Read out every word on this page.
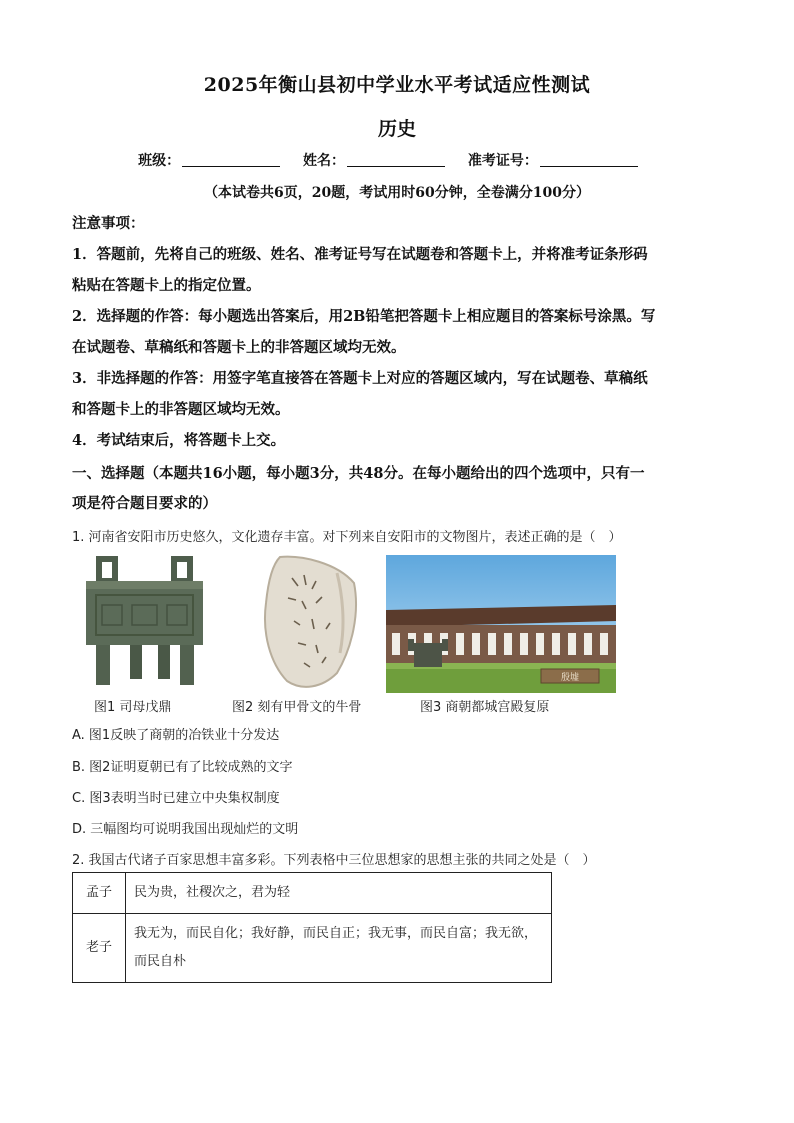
2025年衡山县初中学业水平考试适应性测试
历史
班级：	姓名：	准考证号：
（本试卷共6页，20题，考试用时60分钟，全卷满分100分）
注意事项：
1．答题前，先将自己的班级、姓名、准考证号写在试题卷和答题卡上，并将准考证条形码
粘贴在答题卡上的指定位置。
2．选择题的作答：每小题选出答案后，用2B铅笔把答题卡上相应题目的答案标号涂黑。写
在试题卷、草稿纸和答题卡上的非答题区域均无效。
3．非选择题的作答：用签字笔直接答在答题卡上对应的答题区域内，写在试题卷、草稿纸
和答题卡上的非答题区域均无效。
4．考试结束后，将答题卡上交。
一、选择题（本题共16小题，每小题3分，共48分。在每小题给出的四个选项中，只有一
项是符合题目要求的）
1. 河南省安阳市历史悠久，文化遗存丰富。对下列来自安阳市的文物图片，表述正确的是（　）
殷墟
图1 司母戊鼎	图2 刻有甲骨文的牛骨	图3 商朝都城宫殿复原
A. 图1反映了商朝的冶铁业十分发达
B. 图2证明夏朝已有了比较成熟的文字
C. 图3表明当时已建立中央集权制度
D. 三幅图均可说明我国出现灿烂的文明
2. 我国古代诸子百家思想丰富多彩。下列表格中三位思想家的思想主张的共同之处是（　）
孟子	民为贵，社稷次之，君为轻
老子	我无为，而民自化；我好静，而民自正；我无事，而民自富；我无欲，而民自朴
